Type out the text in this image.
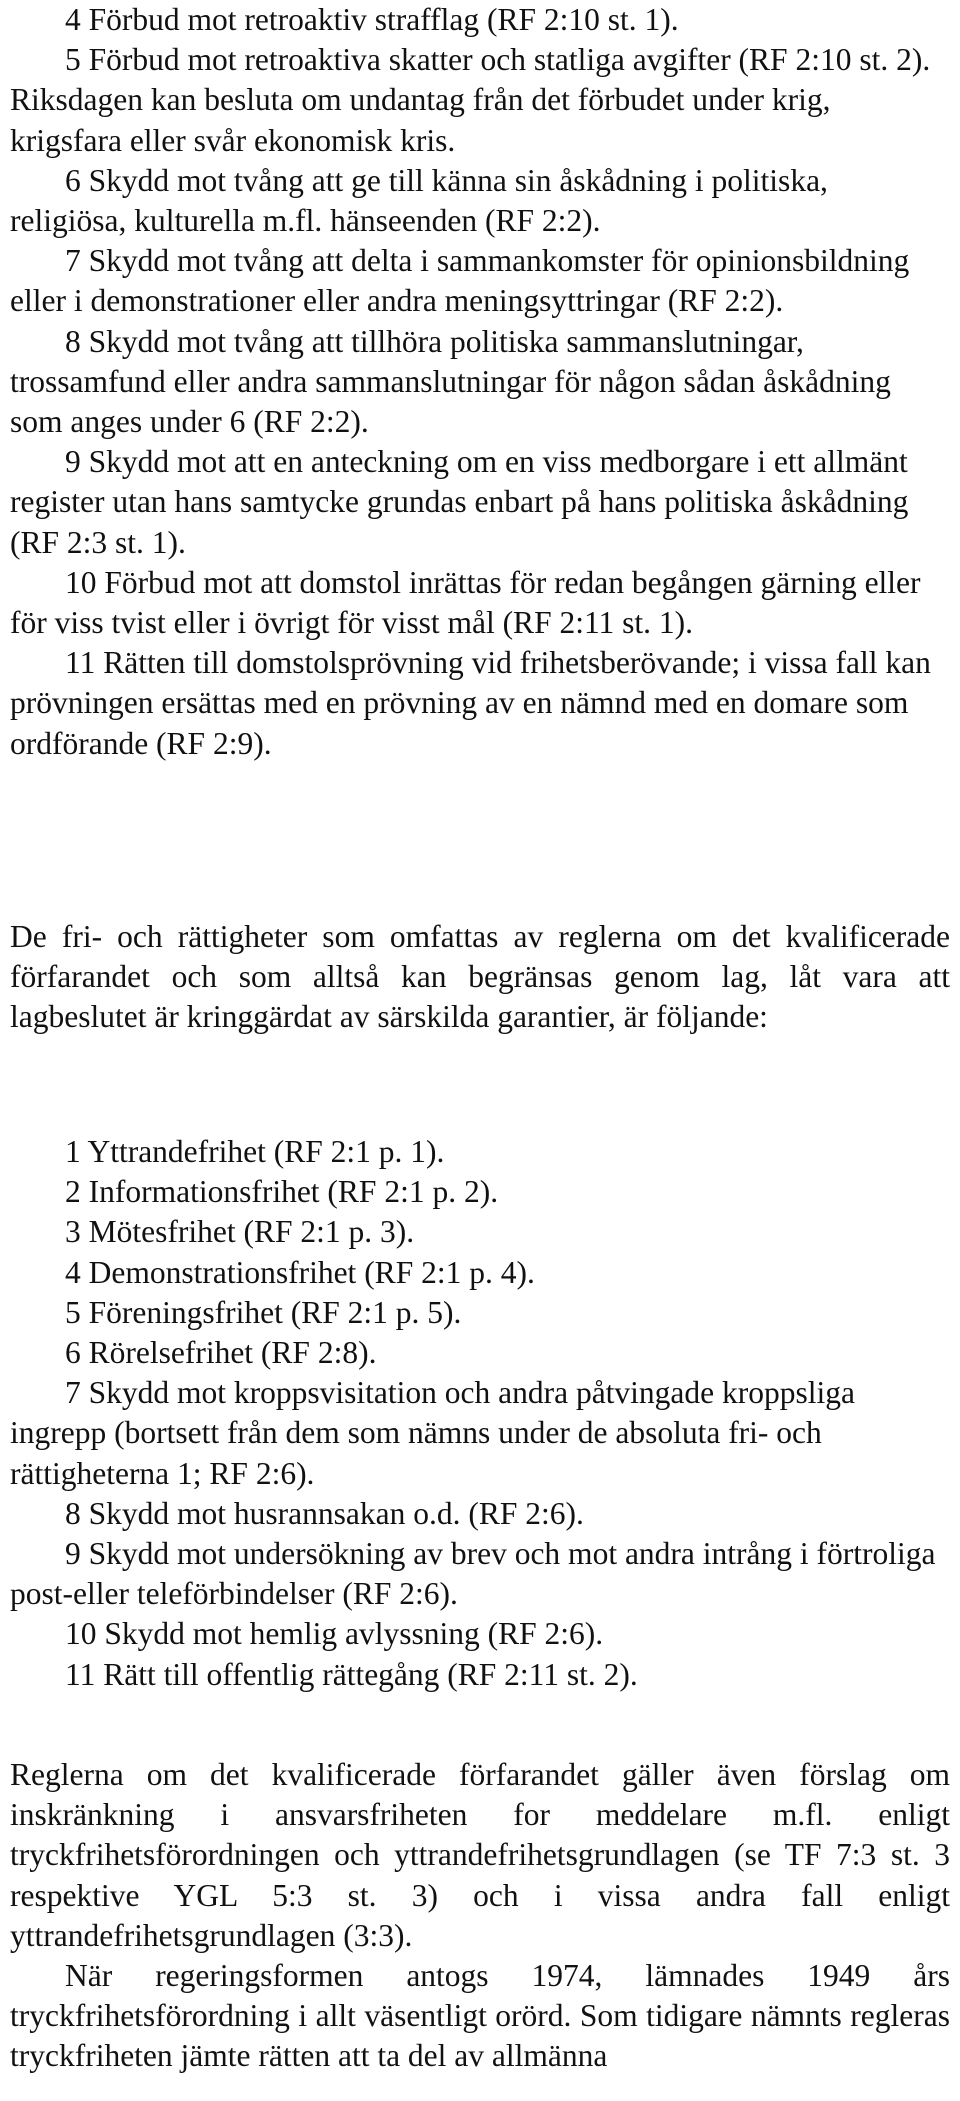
4 Förbud mot retroaktiv strafflag (RF 2:10 st. 1).

5 Förbud mot retroaktiva skatter och statliga avgifter (RF 2:10 st. 2). Riksdagen kan besluta om undantag från det förbudet under krig, krigsfara eller svår ekonomisk kris.

6 Skydd mot tvång att ge till känna sin åskådning i politiska, religiösa, kulturella m.fl. hänseenden (RF 2:2).

7 Skydd mot tvång att delta i sammankomster för opinionsbildning eller i demonstrationer eller andra meningsyttringar (RF 2:2).

8 Skydd mot tvång att tillhöra politiska sammanslutningar, trossamfund eller andra sammanslutningar för någon sådan åskådning som anges under 6 (RF 2:2).

9 Skydd mot att en anteckning om en viss medborgare i ett allmänt register utan hans samtycke grundas enbart på hans politiska åskådning (RF 2:3 st. 1).

10 Förbud mot att domstol inrättas för redan begången gärning eller för viss tvist eller i övrigt för visst mål (RF 2:11 st. 1).

11 Rätten till domstolsprövning vid frihetsberövande; i vissa fall kan prövningen ersättas med en prövning av en nämnd med en domare som ordförande (RF 2:9).

De fri- och rättigheter som omfattas av reglerna om det kvalificerade förfarandet och som alltså kan begränsas genom lag, låt vara att lagbeslutet är kringgärdat av särskilda garantier, är följande:

1 Yttrandefrihet (RF 2:1 p. 1).

2 Informationsfrihet (RF 2:1 p. 2).

3 Mötesfrihet (RF 2:1 p. 3).

4 Demonstrationsfrihet (RF 2:1 p. 4).

5 Föreningsfrihet (RF 2:1 p. 5).

6 Rörelsefrihet (RF 2:8).

7 Skydd mot kroppsvisitation och andra påtvingade kroppsliga ingrepp (bortsett från dem som nämns under de absoluta fri- och rättigheterna 1; RF 2:6).

8 Skydd mot husrannsakan o.d. (RF 2:6).

9 Skydd mot undersökning av brev och mot andra intrång i förtroliga post-eller teleförbindelser (RF 2:6).

10 Skydd mot hemlig avlyssning (RF 2:6).

11 Rätt till offentlig rättegång (RF 2:11 st. 2).

Reglerna om det kvalificerade förfarandet gäller även förslag om inskränkning i ansvarsfriheten for meddelare m.fl. enligt tryckfrihetsförordningen och yttrandefrihetsgrundlagen (se TF 7:3 st. 3 respektive YGL 5:3 st. 3) och i vissa andra fall enligt yttrandefrihetsgrundlagen (3:3).

När regeringsformen antogs 1974, lämnades 1949 års tryckfrihetsförordning i allt väsentligt orörd. Som tidigare nämnts regleras tryckfriheten jämte rätten att ta del av allmänna
